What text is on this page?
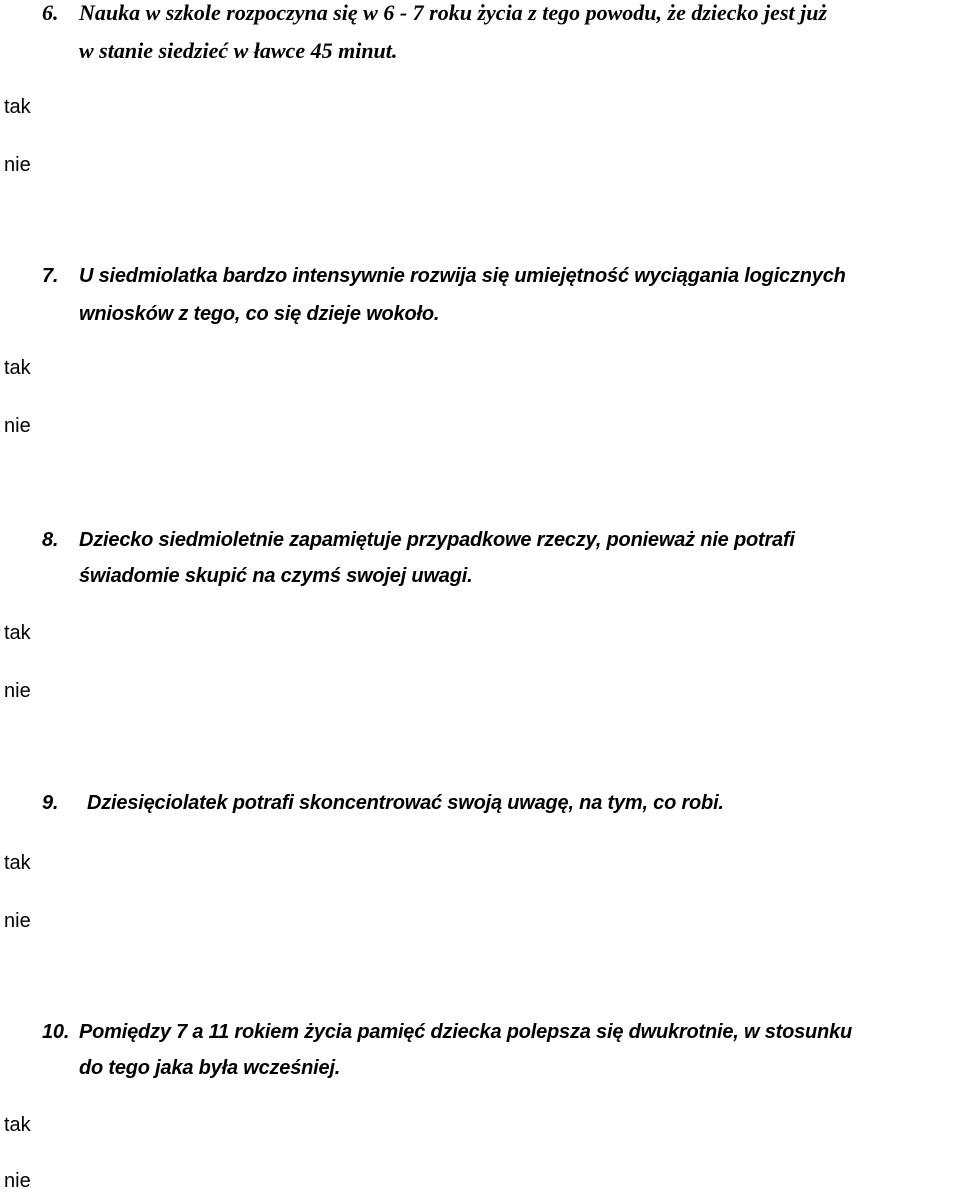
6. Nauka w szkole rozpoczyna się w 6 - 7 roku życia z tego powodu, że dziecko jest już
w stanie siedzieć w ławce 45 minut.
tak
nie
7. U siedmiolatka bardzo intensywnie rozwija się umiejętność wyciągania logicznych
wniosków z tego, co się dzieje wokoło.
tak
nie
8. Dziecko siedmioletnie zapamiętuje przypadkowe rzeczy, ponieważ nie potrafi
świadomie skupić na czymś swojej uwagi.
tak
nie
9. Dziesięciolatek potrafi skoncentrować swoją uwagę, na tym, co robi.
tak
nie
10. Pomiędzy 7 a 11 rokiem życia pamięć dziecka polepsza się dwukrotnie, w stosunku
do tego jaka była wcześniej.
tak
nie
